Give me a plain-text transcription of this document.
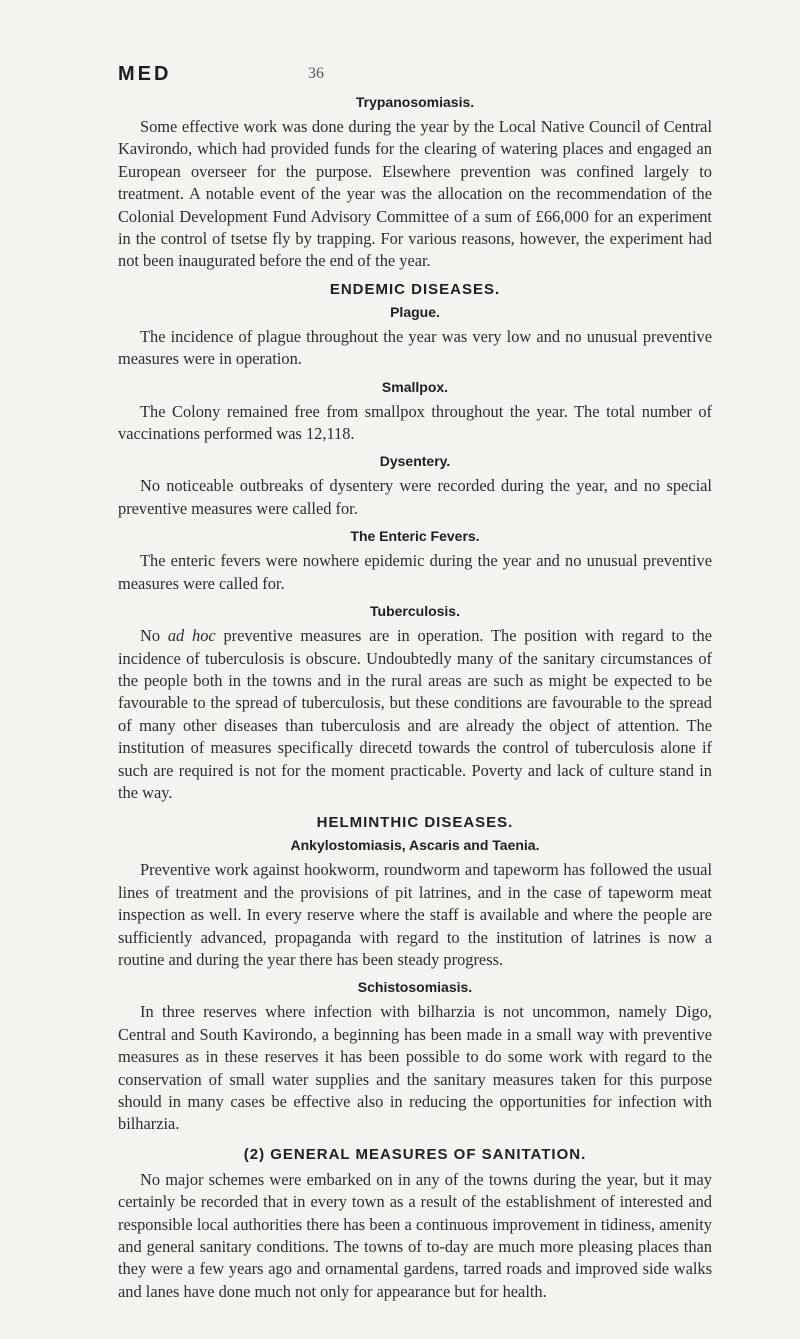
MED	36
Trypanosomiasis.

Some effective work was done during the year by the Local Native Council of Central Kavirondo, which had provided funds for the clearing of watering places and engaged an European overseer for the purpose. Elsewhere prevention was confined largely to treatment. A notable event of the year was the allocation on the recommendation of the Colonial Development Fund Advisory Committee of a sum of £66,000 for an experiment in the control of tsetse fly by trapping. For various reasons, however, the experiment had not been inaugurated before the end of the year.

ENDEMIC DISEASES.
Plague.

The incidence of plague throughout the year was very low and no unusual preventive measures were in operation.

Smallpox.

The Colony remained free from smallpox throughout the year. The total number of vaccinations performed was 12,118.

Dysentery.

No noticeable outbreaks of dysentery were recorded during the year, and no special preventive measures were called for.

The Enteric Fevers.

The enteric fevers were nowhere epidemic during the year and no unusual preventive measures were called for.

Tuberculosis.

No ad hoc preventive measures are in operation. The position with regard to the incidence of tuberculosis is obscure. Undoubtedly many of the sanitary circumstances of the people both in the towns and in the rural areas are such as might be expected to be favourable to the spread of tuberculosis, but these conditions are favourable to the spread of many other diseases than tuberculosis and are already the object of attention. The institution of measures specifically direcetd towards the control of tuberculosis alone if such are required is not for the moment practicable. Poverty and lack of culture stand in the way.

HELMINTHIC DISEASES.
Ankylostomiasis, Ascaris and Taenia.

Preventive work against hookworm, roundworm and tapeworm has followed the usual lines of treatment and the provisions of pit latrines, and in the case of tapeworm meat inspection as well. In every reserve where the staff is available and where the people are sufficiently advanced, propaganda with regard to the institution of latrines is now a routine and during the year there has been steady progress.

Schistosomiasis.

In three reserves where infection with bilharzia is not uncommon, namely Digo, Central and South Kavirondo, a beginning has been made in a small way with preventive measures as in these reserves it has been possible to do some work with regard to the conservation of small water supplies and the sanitary measures taken for this purpose should in many cases be effective also in reducing the opportunities for infection with bilharzia.

(2) GENERAL MEASURES OF SANITATION.

No major schemes were embarked on in any of the towns during the year, but it may certainly be recorded that in every town as a result of the establishment of interested and responsible local authorities there has been a continuous improvement in tidiness, amenity and general sanitary conditions. The towns of to-day are much more pleasing places than they were a few years ago and ornamental gardens, tarred roads and improved side walks and lanes have done much not only for appearance but for health.
